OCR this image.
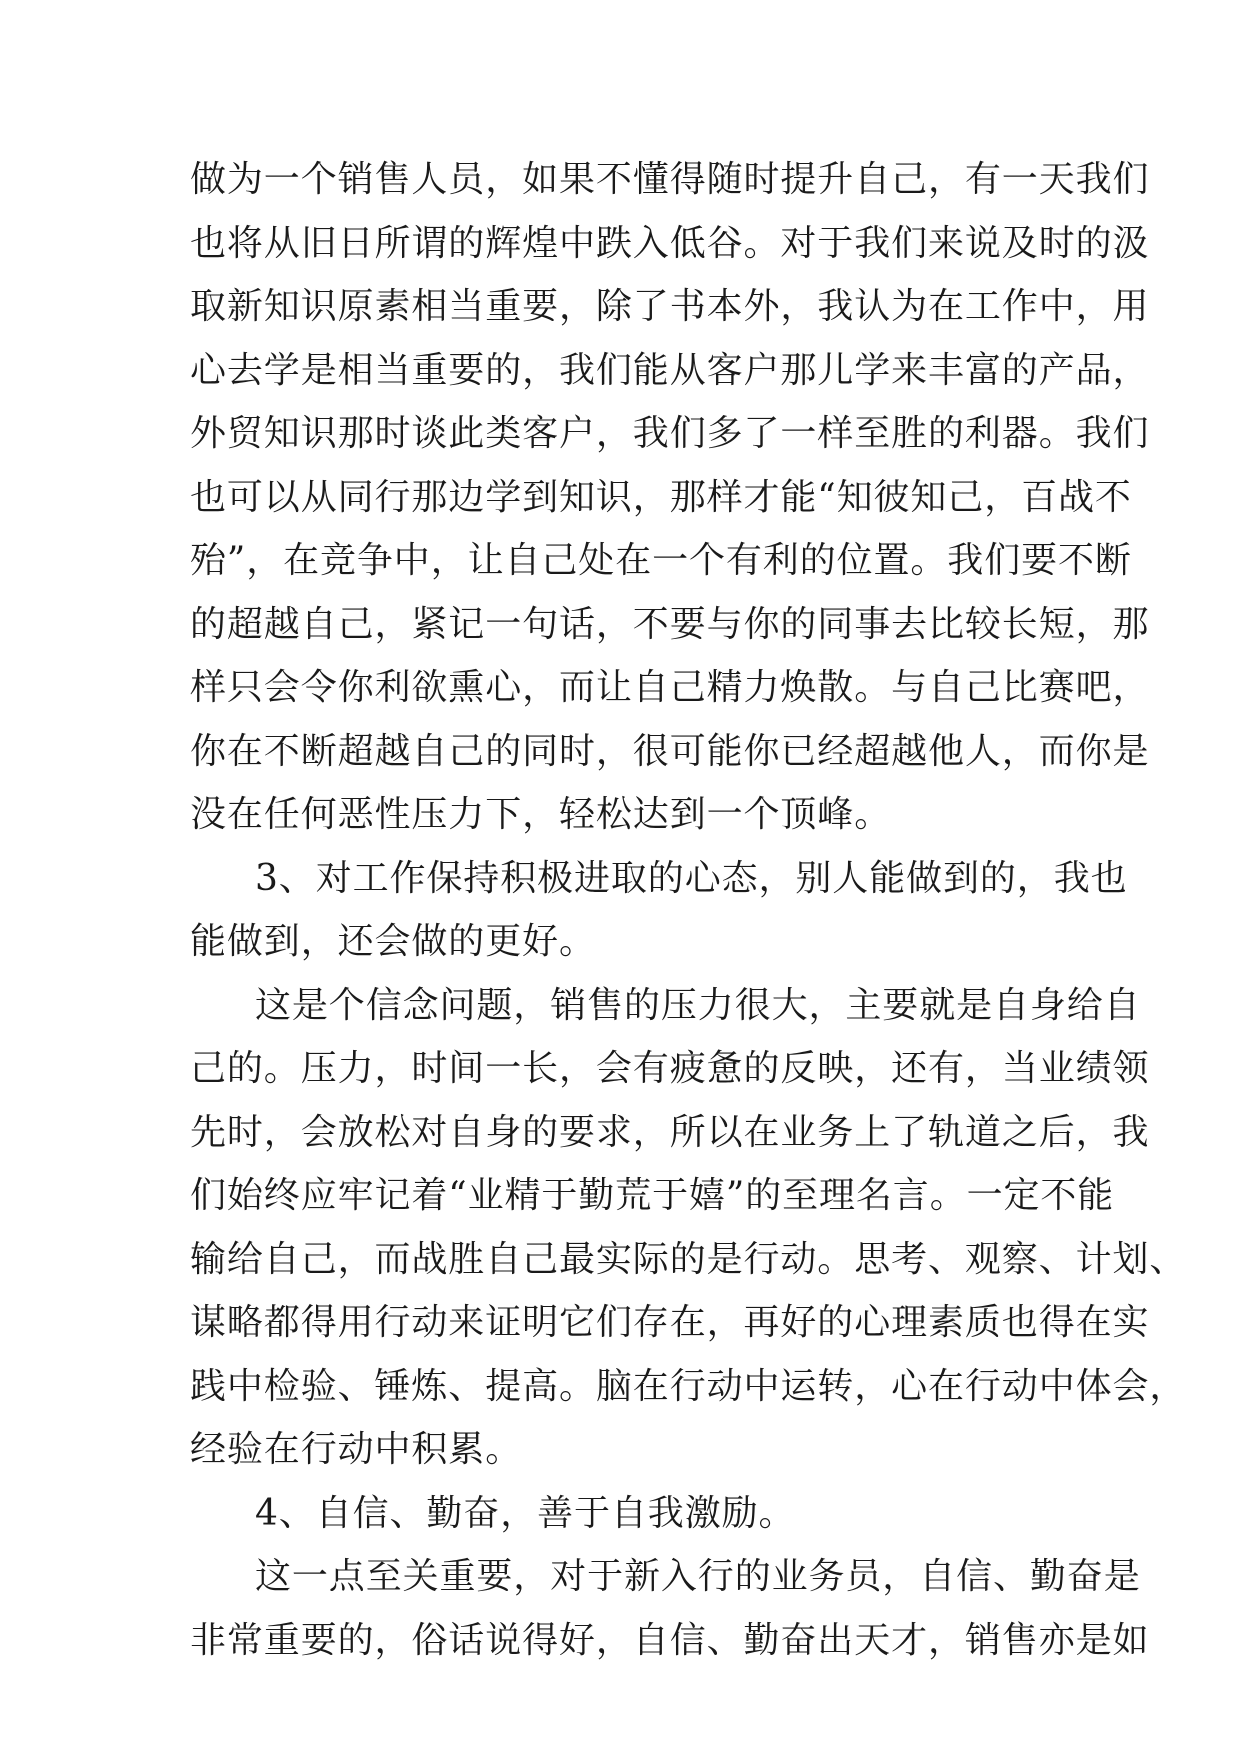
做为一个销售人员，如果不懂得随时提升自己，有一天我们
也将从旧日所谓的辉煌中跌入低谷。对于我们来说及时的汲
取新知识原素相当重要，除了书本外，我认为在工作中，用
心去学是相当重要的，我们能从客户那儿学来丰富的产品，
外贸知识那时谈此类客户，我们多了一样至胜的利器。我们
也可以从同行那边学到知识，那样才能“知彼知己，百战不
殆”，在竞争中，让自己处在一个有利的位置。我们要不断
的超越自己，紧记一句话，不要与你的同事去比较长短，那
样只会令你利欲熏心，而让自己精力焕散。与自己比赛吧，
你在不断超越自己的同时，很可能你已经超越他人，而你是
没在任何恶性压力下，轻松达到一个顶峰。
3、对工作保持积极进取的心态，别人能做到的，我也
能做到，还会做的更好。
这是个信念问题，销售的压力很大，主要就是自身给自
己的。压力，时间一长，会有疲惫的反映，还有，当业绩领
先时，会放松对自身的要求，所以在业务上了轨道之后，我
们始终应牢记着“业精于勤荒于嬉”的至理名言。一定不能
输给自己，而战胜自己最实际的是行动。思考、观察、计划、
谋略都得用行动来证明它们存在，再好的心理素质也得在实
践中检验、锤炼、提高。脑在行动中运转，心在行动中体会，
经验在行动中积累。
4、自信、勤奋，善于自我激励。
这一点至关重要，对于新入行的业务员，自信、勤奋是
非常重要的，俗话说得好，自信、勤奋出天才，销售亦是如
